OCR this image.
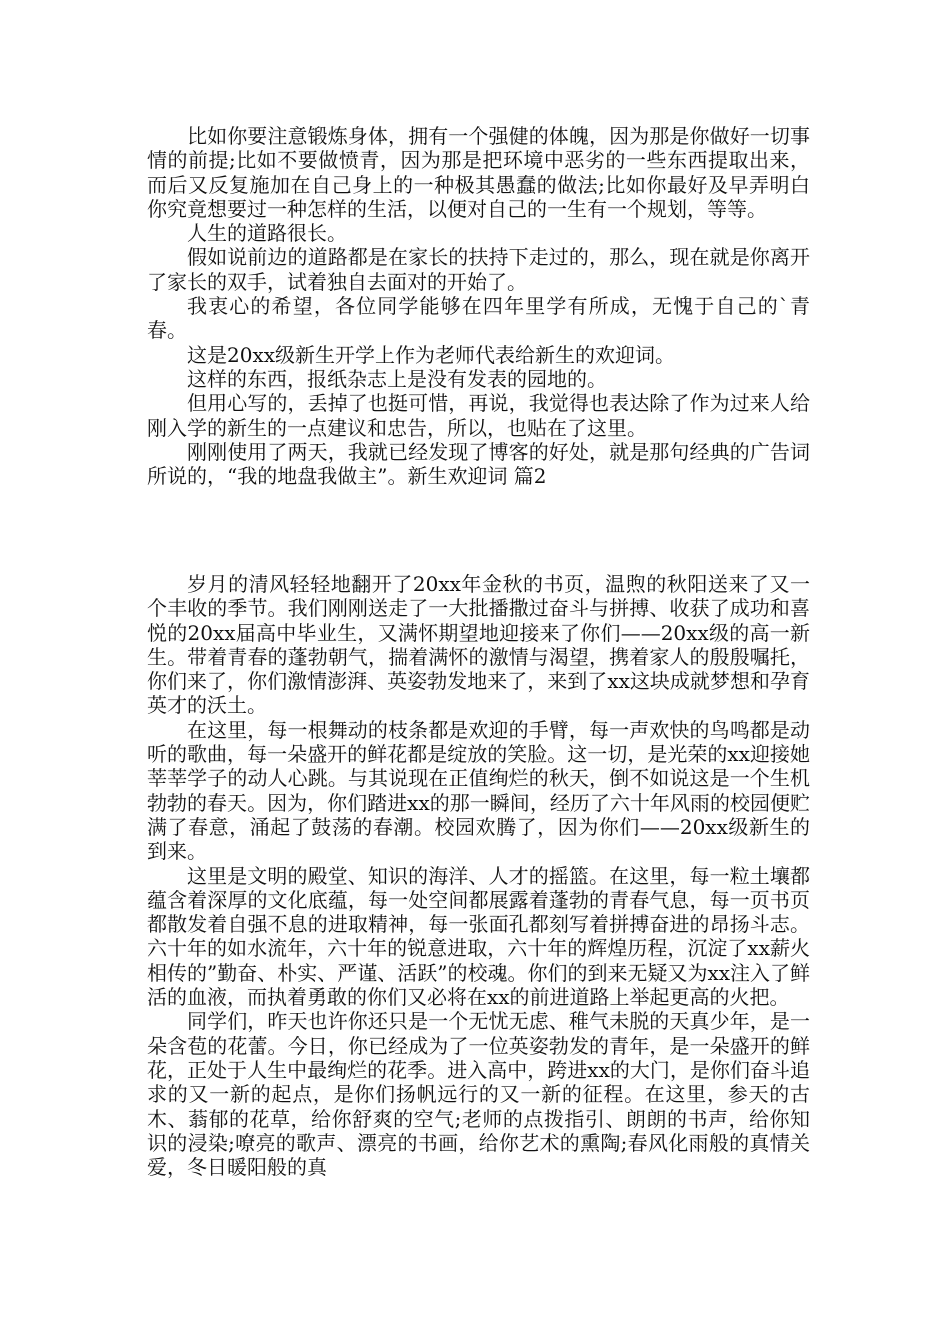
比如你要注意锻炼身体，拥有一个强健的体魄，因为那是你做好一切事情的前提;比如不要做愤青，因为那是把环境中恶劣的一些东西提取出来，而后又反复施加在自己身上的一种极其愚蠢的做法;比如你最好及早弄明白你究竟想要过一种怎样的生活，以便对自己的一生有一个规划，等等。

人生的道路很长。

假如说前边的道路都是在家长的扶持下走过的，那么，现在就是你离开了家长的双手，试着独自去面对的开始了。

我衷心的希望，各位同学能够在四年里学有所成，无愧于自己的`青春。

这是20xx级新生开学上作为老师代表给新生的欢迎词。

这样的东西，报纸杂志上是没有发表的园地的。

但用心写的，丢掉了也挺可惜，再说，我觉得也表达除了作为过来人给刚入学的新生的一点建议和忠告，所以，也贴在了这里。

刚刚使用了两天，我就已经发现了博客的好处，就是那句经典的广告词所说的，“我的地盘我做主”。新生欢迎词 篇2

岁月的清风轻轻地翻开了20xx年金秋的书页，温煦的秋阳送来了又一个丰收的季节。我们刚刚送走了一大批播撒过奋斗与拼搏、收获了成功和喜悦的20xx届高中毕业生，又满怀期望地迎接来了你们——20xx级的高一新生。带着青春的蓬勃朝气，揣着满怀的激情与渴望，携着家人的殷殷嘱托，你们来了，你们激情澎湃、英姿勃发地来了，来到了xx这块成就梦想和孕育英才的沃土。

在这里，每一根舞动的枝条都是欢迎的手臂，每一声欢快的鸟鸣都是动听的歌曲，每一朵盛开的鲜花都是绽放的笑脸。这一切，是光荣的xx迎接她莘莘学子的动人心跳。与其说现在正值绚烂的秋天，倒不如说这是一个生机勃勃的春天。因为，你们踏进xx的那一瞬间，经历了六十年风雨的校园便贮满了春意，涌起了鼓荡的春潮。校园欢腾了，因为你们——20xx级新生的到来。

这里是文明的殿堂、知识的海洋、人才的摇篮。在这里，每一粒土壤都蕴含着深厚的文化底蕴，每一处空间都展露着蓬勃的青春气息，每一页书页都散发着自强不息的进取精神，每一张面孔都刻写着拼搏奋进的昂扬斗志。六十年的如水流年，六十年的锐意进取，六十年的辉煌历程，沉淀了xx薪火相传的”勤奋、朴实、严谨、活跃”的校魂。你们的到来无疑又为xx注入了鲜活的血液，而执着勇敢的你们又必将在xx的前进道路上举起更高的火把。

同学们，昨天也许你还只是一个无忧无虑、稚气未脱的天真少年，是一朵含苞的花蕾。今日，你已经成为了一位英姿勃发的青年，是一朵盛开的鲜花，正处于人生中最绚烂的花季。进入高中，跨进xx的大门，是你们奋斗追求的又一新的起点，是你们扬帆远行的又一新的征程。在这里，参天的古木、蓊郁的花草，给你舒爽的空气;老师的点拨指引、朗朗的书声，给你知识的浸染;嘹亮的歌声、漂亮的书画，给你艺术的熏陶;春风化雨般的真情关爱，冬日暖阳般的真
